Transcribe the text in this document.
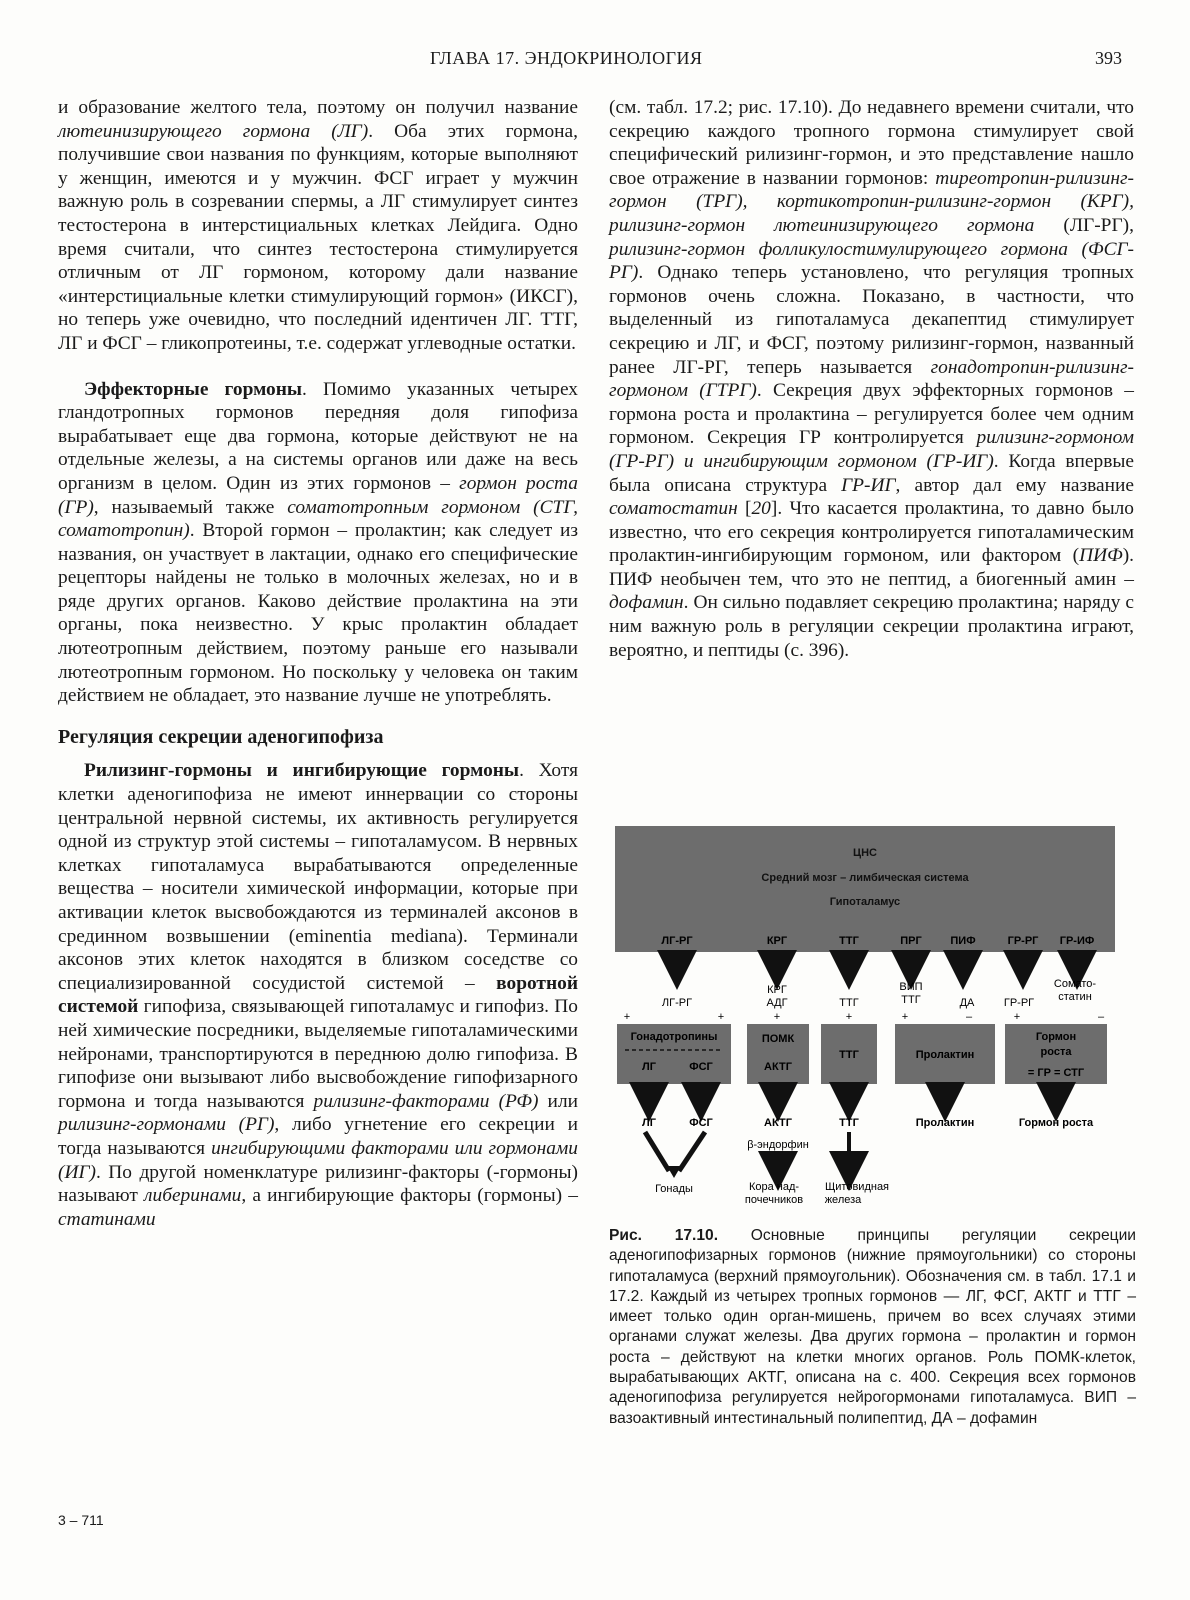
ГЛАВА 17. ЭНДОКРИНОЛОГИЯ	393

и образование желтого тела, поэтому он получил название лютеинизирующего гормона (ЛГ). Оба этих гормона, получившие свои названия по функциям, которые выполняют у женщин, имеются и у мужчин. ФСГ играет у мужчин важную роль в созревании спермы, а ЛГ стимулирует синтез тестостерона в интерстициальных клетках Лейдига. Одно время считали, что синтез тестостерона стимулируется отличным от ЛГ гормоном, которому дали название «интерстициальные клетки стимулирующий гормон» (ИКСГ), но теперь уже очевидно, что последний идентичен ЛГ. ТТГ, ЛГ и ФСГ – гликопротеины, т.е. содержат углеводные остатки.

Эффекторные гормоны. Помимо указанных четырех гландотропных гормонов передняя доля гипофиза вырабатывает еще два гормона, которые действуют не на отдельные железы, а на системы органов или даже на весь организм в целом. Один из этих гормонов – гормон роста (ГР), называемый также соматотропным гормоном (СТГ, соматотропин). Второй гормон – пролактин; как следует из названия, он участвует в лактации, однако его специфические рецепторы найдены не только в молочных железах, но и в ряде других органов. Каково действие пролактина на эти органы, пока неизвестно. У крыс пролактин обладает лютеотропным действием, поэтому раньше его называли лютеотропным гормоном. Но поскольку у человека он таким действием не обладает, это название лучше не употреблять.

Регуляция секреции аденогипофиза

Рилизинг-гормоны и ингибирующие гормоны. Хотя клетки аденогипофиза не имеют иннервации со стороны центральной нервной системы, их активность регулируется одной из структур этой системы – гипоталамусом. В нервных клетках гипоталамуса вырабатываются определенные вещества – носители химической информации, которые при активации клеток высвобождаются из терминалей аксонов в срединном возвышении (eminentia mediana). Терминали аксонов этих клеток находятся в близком соседстве со специализированной сосудистой системой – воротной системой гипофиза, связывающей гипоталамус и гипофиз. По ней химические посредники, выделяемые гипоталамическими нейронами, транспортируются в переднюю долю гипофиза. В гипофизе они вызывают либо высвобождение гипофизарного гормона и тогда называются рилизинг-факторами (РФ) или рилизинг-гормонами (РГ), либо угнетение его секреции и тогда называются ингибирующими факторами или гормонами (ИГ). По другой номенклатуре рилизинг-факторы (-гормоны) называют либеринами, а ингибирующие факторы (гормоны) – статинами

(см. табл. 17.2; рис. 17.10). До недавнего времени считали, что секрецию каждого тропного гормона стимулирует свой специфический рилизинг-гормон, и это представление нашло свое отражение в названии гормонов: тиреотропин-рилизинг-гормон (ТРГ), кортикотропин-рилизинг-гормон (КРГ), рилизинг-гормон лютеинизирующего гормона (ЛГ-РГ), рилизинг-гормон фолликулостимулирующего гормона (ФСГ-РГ). Однако теперь установлено, что регуляция тропных гормонов очень сложна. Показано, в частности, что выделенный из гипоталамуса декапептид стимулирует секрецию и ЛГ, и ФСГ, поэтому рилизинг-гормон, названный ранее ЛГ-РГ, теперь называется гонадотропин-рилизинг-гормоном (ГТРГ). Секреция двух эффекторных гормонов – гормона роста и пролактина – регулируется более чем одним гормоном. Секреция ГР контролируется рилизинг-гормоном (ГР-РГ) и ингибирующим гормоном (ГР-ИГ). Когда впервые была описана структура ГР-ИГ, автор дал ему название соматостатин [20]. Что касается пролактина, то давно было известно, что его секреция контролируется гипоталамическим пролактин-ингибирующим гормоном, или фактором (ПИФ). ПИФ необычен тем, что это не пептид, а биогенный амин – дофамин. Он сильно подавляет секрецию пролактина; наряду с ним важную роль в регуляции секреции пролактина играют, вероятно, и пептиды (с. 396).

ЦНС
Средний мозг – лимбическая система
Гипоталамус
ЛГ-РГ	КРГ	ТТГ	ПРГ	ПИФ	ГР-РГ ГР-ИФ
ЛГ-РГ
+	+
КРГ
АДГ
+
ТТГ
+
ВИП
ТТГ
+
ДА
–
ГР-РГ
+
Сомато-
статин
–
Гонадотропины
ЛГ	ФСГ
ПОМК
АКТГ
ТТГ	Пролактин
Гормон
роста
= ГР = СТГ
ЛГ	ФСГ	АКТГ	ТТГ	Пролактин	Гормон роста
β-эндорфин
Гонады	Кора над-
почечников
Щитовидная
железа
Рис. 17.10. Основные принципы регуляции секреции аденогипофизарных гормонов (нижние прямоугольники) со стороны гипоталамуса (верхний прямоугольник). Обозначения см. в табл. 17.1 и 17.2. Каждый из четырех тропных гормонов — ЛГ, ФСГ, АКТГ и ТТГ – имеет только один орган-мишень, причем во всех случаях этими органами служат железы. Два других гормона – пролактин и гормон роста – действуют на клетки многих органов. Роль ПОМК-клеток, вырабатывающих АКТГ, описана на с. 400. Секреция всех гормонов аденогипофиза регулируется нейрогормонами гипоталамуса. ВИП – вазоактивный интестинальный полипептид, ДА – дофамин
3 – 711
